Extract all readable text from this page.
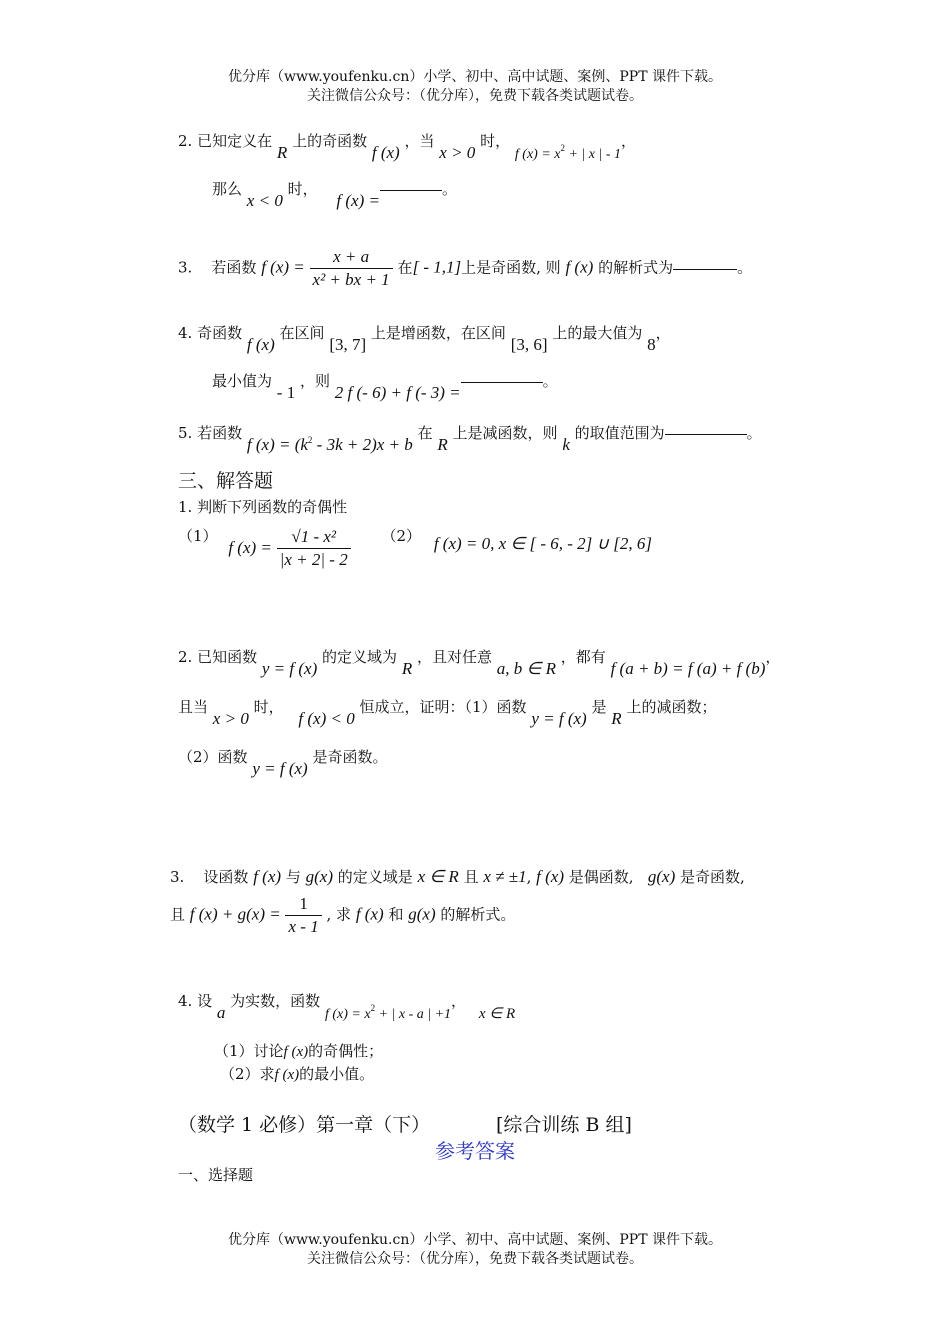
优分库（www.youfenku.cn）小学、初中、高中试题、案例、PPT 课件下载。
关注微信公众号：（优分库），免费下载各类试题试卷。
2. 已知定义在 R 上的奇函数 f (x) ，当 x > 0 时， f $(x) = x^2$ + | x | - 1，
那么 x < 0 时， f (x) =。
3. 若函数 f $(x) = \frac{x + a}{\text{x² + bx + 1}}$ 在[ - 1,1]上是奇函数, 则 f (x) 的解析式为	。
4. 奇函数 f (x) 在区间 [3, 7] 上是增函数，在区间 [3, 6] 上的最大值为 8，
最小值为 - 1 ，则 2 f (- 6) + f (- 3) =。
5. 若函数 f $(x) = (k^2 - 3k + 2)x + b$ 在 R 上是减函数，则 k 的取值范围为	。
三、解答题
1. 判断下列函数的奇偶性
（1） f $(x) = \frac{\text{√1 - x²}}{|x + 2| - 2} (2)$ f (x) = 0, x ∈ [ - 6, - 2] ∪ [2, 6]
2. 已知函数 y = f (x) 的定义域为 R ，且对任意 a, b ∈ R ，都有 f (a + b) = f (a) + f (b)，
且当 x > 0 时， f (x) < 0 恒成立，证明：（1）函数 y = f (x) 是 R 上的减函数；
（2）函数 y = f (x) 是奇函数。
3. 设函数 f (x) 与 g(x) 的定义域是 x ∈ R 且 x ≠ ±1, f (x) 是偶函数, g(x) 是奇函数,
且 f $(x) + g(x) = \frac{1}{x - 1}$ , 求 f (x) 和 g(x) 的解析式。
4. 设 a 为实数，函数 f $(x) = x^2$ + | x - a | +1， x ∈ R
（1）讨论f (x)的奇偶性；
（2）求f (x)的最小值。
（数学 1 必修）第一章（下）	[综合训练 B 组]
参考答案
一、选择题
优分库（www.youfenku.cn）小学、初中、高中试题、案例、PPT 课件下载。
关注微信公众号：（优分库），免费下载各类试题试卷。
